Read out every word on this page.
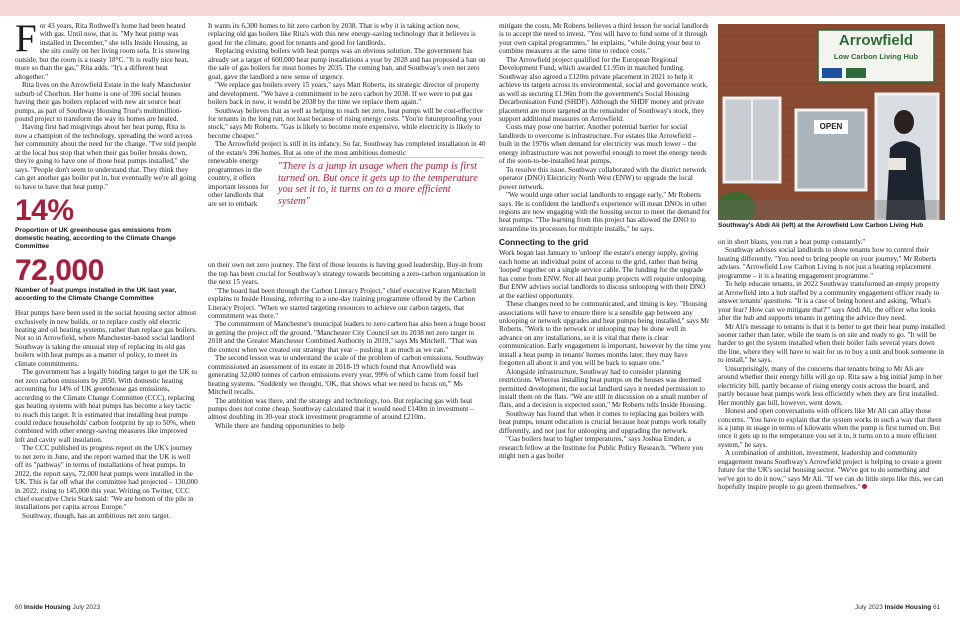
For 43 years, Rita Rothwell's home had been heated with gas. Until now, that is. "My heat pump was installed in December," she tells Inside Housing, as she sits cosily on her living room sofa. It is snowing outside, but the room is a toasty 18°C. "It is really nice heat, more so than the gas," Rita adds. "It's a different heat altogether."

Rita lives on the Arrowfield Estate in the leafy Manchester suburb of Chorlton. Her home is one of 396 social houses having their gas boilers replaced with new air source heat pumps, as part of Southway Housing Trust's multimillion-pound project to transform the way its homes are heated.

Having first had misgivings about her heat pump, Rita is now a champion of the technology, spreading the word across her community about the need for the change. "I've told people at the local bus stop that when their gas boiler breaks down, they're going to have one of those heat pumps installed," she says. "People don't seem to understand that. They think they can get another gas boiler put in, but eventually we're all going to have to have that heat pump."

14%
Proportion of UK greenhouse gas emissions from domestic heating, according to the Climate Change Committee
72,000
Number of heat pumps installed in the UK last year, according to the Climate Change Committee

Heat pumps have been used in the social housing sector almost exclusively in new builds, or to replace costly old electric heating and oil heating systems, rather than replace gas boilers. Not so in Arrowfield, where Manchester-based social landlord Southway is taking the unusual step of replacing its old gas boilers with heat pumps as a matter of policy, to meet its climate commitments.

The government has a legally binding target to get the UK to net zero carbon emissions by 2050. With domestic heating accounting for 14% of UK greenhouse gas emissions, according to the Climate Change Committee (CCC), replacing gas heating systems with heat pumps has become a key tactic to reach this target. It is estimated that installing heat pumps could reduce households' carbon footprint by up to 50%, when combined with other energy-saving measures like improved loft and cavity wall insulation.

The CCC published its progress report on the UK's journey to net zero in June, and the report warned that the UK is well off its "pathway" in terms of installations of heat pumps. In 2022, the report says, 72,000 heat pumps were installed in the UK. This is far off what the committee had projected – 130,000 in 2022, rising to 145,000 this year. Writing on Twitter, CCC chief executive Chris Stark said: "We are bottom of the pile in installations per capita across Europe."

Southway, though, has an ambitious net zero target.

It wants its 6,300 homes to hit zero carbon by 2038. That is why it is taking action now, replacing old gas boilers like Rita's with this new energy-saving technology that it believes is good for the climate, good for tenants and good for landlords.

Replacing existing boilers with heat pumps was an obvious solution. The government has already set a target of 600,000 heat pump installations a year by 2028 and has proposed a ban on the sale of gas boilers for most homes by 2035. The coming ban, and Southway's own net zero goal, gave the landlord a new sense of urgency.

"We replace gas boilers every 15 years," says Matt Roberts, its strategic director of property and development. "We have a commitment to be zero carbon by 2038. If we were to put gas boilers back in now, it would be 2038 by the time we replace them again."

Southway believes that as well as helping to reach net zero, heat pumps will be cost-effective for tenants in the long run, not least because of rising energy costs. "You're futureproofing your stock," says Mr Roberts. "Gas is likely to become more expensive, while electricity is likely to become cheaper."

The Arrowfield project is still in its infancy. So far, Southway has completed installation in 40 of the estate's 396 homes. But as one of the most ambitious domestic

renewable energy programmes in the country, it offers important lessons for other landlords that are set to embark
"There is a jump in usage when the pump is first turned on. But once it gets up to the temperature you set it to, it turns on to a more efficient system"

on their own net zero journey. The first of those lessons is having good leadership. Buy-in from the top has been crucial for Southway's strategy towards becoming a zero-carbon organisation in the next 15 years.

"The board had been through the Carbon Literacy Project," chief executive Karen Mitchell explains to Inside Housing, referring to a one-day training programme offered by the Carbon Literacy Project. "When we started targeting resources to achieve our carbon targets, that commitment was there."

The commitment of Manchester's municipal leaders to zero carbon has also been a huge boost in getting the project off the ground. "Manchester City Council set its 2038 net zero target in 2018 and the Greater Manchester Combined Authority in 2019," says Ms Mitchell. "That was the context when we created our strategy that year – pushing it as much as we can."

The second lesson was to understand the scale of the problem of carbon emissions. Southway commissioned an assessment of its estate in 2018-19 which found that Arrowfield was generating 32,000 tonnes of carbon emissions every year, 99% of which came from fossil fuel heating systems. "Suddenly we thought, 'OK, that shows what we need to focus on,'" Ms Mitchell recalls.

The ambition was there, and the strategy and technology, too. But replacing gas with heat pumps does not come cheap. Southway calculated that it would need £140m in investment – almost doubling its 30-year stock investment programme of around £210m.

While there are funding opportunities to help

mitigate the costs, Mr Roberts believes a third lesson for social landlords is to accept the need to invest. "You will have to fund some of it through your own capital programmes," he explains, "while doing your best to combine measures at the same time to reduce costs."

The Arrowfield project qualified for the European Regional Development Fund, which awarded £1.95m in matched funding. Southway also agreed a £120m private placement in 2021 to help it achieve its targets across its environmental, social and governance work, as well as securing £1.96m from the government's Social Housing Decarbonisation Fund (SHDF). Although the SHDF money and private placement are more targeted at the remainder of Southway's stock, they support additional measures on Arrowfield.

Costs may pose one barrier. Another potential barrier for social landlords to overcome is infrastructure. For estates like Arrowfield – built in the 1970s when demand for electricity was much lower – the energy infrastructure was not powerful enough to meet the energy needs of the soon-to-be-installed heat pumps.

To resolve this issue, Southway collaborated with the district network operator (DNO) Electricity North West (ENW) to upgrade the local power network.

"We would urge other social landlords to engage early," Mr Roberts says. He is confident the landlord's experience will mean DNOs in other regions are now engaging with the housing sector to meet the demand for heat pumps. "The learning from this project has allowed the DNO to streamline its processes for multiple installs," he says.

Connecting to the grid

Work began last January to 'unloop' the estate's energy supply, giving each home an individual point of access to the grid, rather than being 'looped' together on a single service cable. The funding for the upgrade has come from ENW. Not all heat pump projects will require unlooping. But ENW advises social landlords to discuss unlooping with their DNO at the earliest opportunity.

These changes need to be communicated, and timing is key. "Housing associations will have to ensure there is a sensible gap between any unlooping or network upgrades and heat pumps being installed," says Mr Roberts. "Work to the network or unlooping may be done well in advance on any installations, so it is vital that there is clear communication. Early engagement is important, however by the time you install a heat pump in tenants' homes months later, they may have forgotten all about it and you will be back to square one."

Alongside infrastructure, Southway had to consider planning restrictions. Whereas installing heat pumps on the houses was deemed permitted development, the social landlord says it needed permission to install them on the flats. "We are still in discussion on a small number of flats, and a decision is expected soon," Mr Roberts tells Inside Housing.

Southway has found that when it comes to replacing gas boilers with heat pumps, tenant education is crucial because heat pumps work totally differently, and not just for unlooping and upgrading the network.

"Gas boilers heat to higher temperatures," says Joshua Emden, a research fellow at the Institute for Public Policy Research. "Where you might turn a gas boiler

Arrowfield
Low Carbon Living Hub
OPEN
Southway's Abdi Ali (left) at the Arrowfield Low Carbon Living Hub

on in short blasts, you run a heat pump constantly."

Southway advises social landlords to show tenants how to control their heating differently. "You need to bring people on your journey," Mr Roberts advises. "Arrowfield Low Carbon Living is not just a heating replacement programme – it is a heating engagement programme."

To help educate tenants, in 2022 Southway transformed an empty property at Arrowfield into a hub staffed by a community engagement officer ready to answer tenants' questions. "It is a case of being honest and asking, 'What's your fear? How can we mitigate that?'" says Abdi Ali, the officer who looks after the hub and supports tenants in getting the advice they need.

Mr Ali's message to tenants is that it is better to get their heat pump installed sooner rather than later, while the team is on site and ready to go. "It will be harder to get the system installed when their boiler fails several years down the line, where they will have to wait for us to buy a unit and book someone in to install," he says.

Unsurprisingly, many of the concerns that tenants bring to Mr Ali are around whether their energy bills will go up. Rita saw a big initial jump in her electricity bill, partly because of rising energy costs across the board, and partly because heat pumps work less efficiently when they are first installed. Her monthly gas bill, however, went down.

Honest and open conversations with officers like Mr Ali can allay those concerns. "You have to explain that the system works in such a way that there is a jump in usage in terms of kilowatts when the pump is first turned on. But once it gets up to the temperature you set it to, it turns on to a more efficient system," he says.

A combination of ambition, investment, leadership and community engagement means Southway's Arrowfield project is helping to create a green future for the UK's social housing sector. "We've got to do something and we've got to do it now," says Mr Ali. "If we can do little steps like this, we can hopefully inspire people to go green themselves."

60 Inside Housing July 2023	July 2023 Inside Housing 61
